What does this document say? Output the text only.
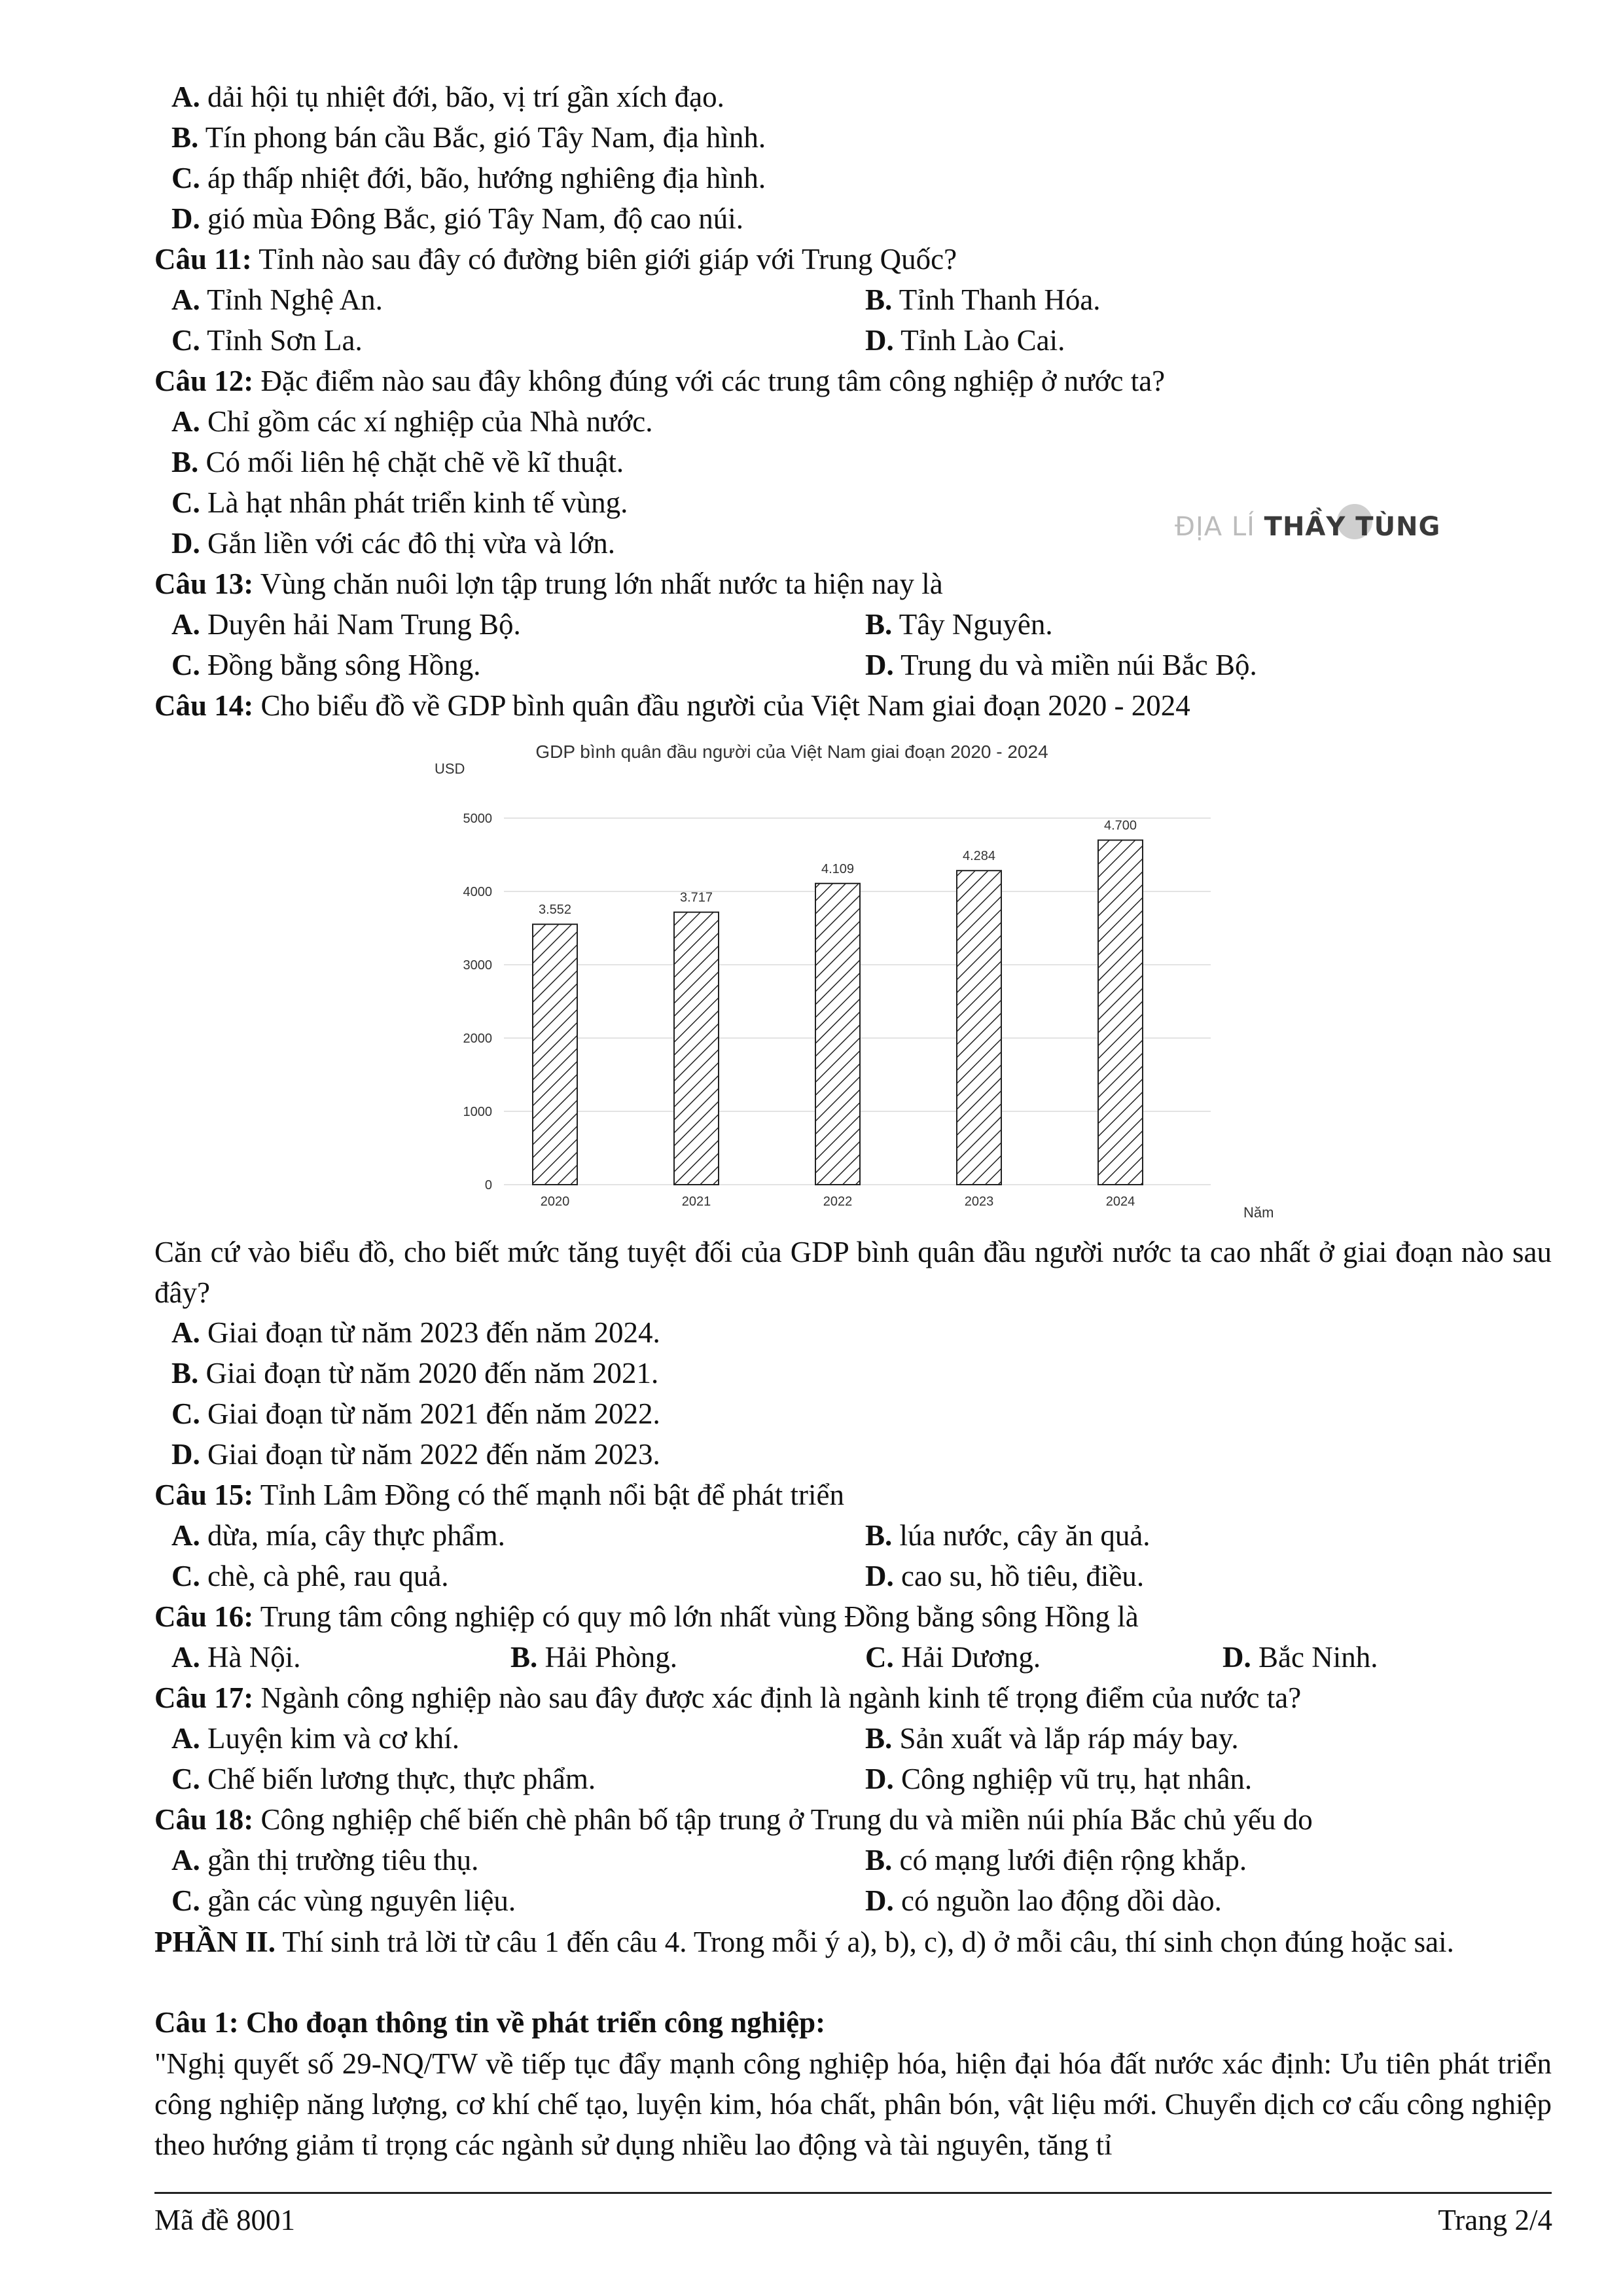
A. dải hội tụ nhiệt đới, bão, vị trí gần xích đạo.
B. Tín phong bán cầu Bắc, gió Tây Nam, địa hình.
C. áp thấp nhiệt đới, bão, hướng nghiêng địa hình.
D. gió mùa Đông Bắc, gió Tây Nam, độ cao núi.
Câu 11: Tỉnh nào sau đây có đường biên giới giáp với Trung Quốc?
A. Tỉnh Nghệ An.	B. Tỉnh Thanh Hóa.
C. Tỉnh Sơn La.	D. Tỉnh Lào Cai.
Câu 12: Đặc điểm nào sau đây không đúng với các trung tâm công nghiệp ở nước ta?
A. Chỉ gồm các xí nghiệp của Nhà nước.
B. Có mối liên hệ chặt chẽ về kĩ thuật.
C. Là hạt nhân phát triển kinh tế vùng.
D. Gắn liền với các đô thị vừa và lớn.	ĐỊA LÍ THẦY TÙNG
Câu 13: Vùng chăn nuôi lợn tập trung lớn nhất nước ta hiện nay là
A. Duyên hải Nam Trung Bộ.	B. Tây Nguyên.
C. Đồng bằng sông Hồng.	D. Trung du và miền núi Bắc Bộ.
Câu 14: Cho biểu đồ về GDP bình quân đầu người của Việt Nam giai đoạn 2020 - 2024
GDP bình quân đầu người của Việt Nam giai đoạn 2020 - 2024
USD
Năm
0
1000
2000
3000
4000
5000
3.552
2020
3.717
2021
4.109
2022
4.284
2023
4.700
2024
Căn cứ vào biểu đồ, cho biết mức tăng tuyệt đối của GDP bình quân đầu người nước ta cao nhất ở giai đoạn nào sau đây?
A. Giai đoạn từ năm 2023 đến năm 2024.
B. Giai đoạn từ năm 2020 đến năm 2021.
C. Giai đoạn từ năm 2021 đến năm 2022.
D. Giai đoạn từ năm 2022 đến năm 2023.
Câu 15: Tỉnh Lâm Đồng có thế mạnh nổi bật để phát triển
A. dừa, mía, cây thực phẩm.	B. lúa nước, cây ăn quả.
C. chè, cà phê, rau quả.	D. cao su, hồ tiêu, điều.
Câu 16: Trung tâm công nghiệp có quy mô lớn nhất vùng Đồng bằng sông Hồng là
A. Hà Nội.	B. Hải Phòng.	C. Hải Dương.	D. Bắc Ninh.
Câu 17: Ngành công nghiệp nào sau đây được xác định là ngành kinh tế trọng điểm của nước ta?
A. Luyện kim và cơ khí.	B. Sản xuất và lắp ráp máy bay.
C. Chế biến lương thực, thực phẩm.	D. Công nghiệp vũ trụ, hạt nhân.
Câu 18: Công nghiệp chế biến chè phân bố tập trung ở Trung du và miền núi phía Bắc chủ yếu do
A. gần thị trường tiêu thụ.	B. có mạng lưới điện rộng khắp.
C. gần các vùng nguyên liệu.	D. có nguồn lao động dồi dào.
PHẦN II. Thí sinh trả lời từ câu 1 đến câu 4. Trong mỗi ý a), b), c), d) ở mỗi câu, thí sinh chọn đúng hoặc sai.
Câu 1: Cho đoạn thông tin về phát triển công nghiệp:
"Nghị quyết số 29-NQ/TW về tiếp tục đẩy mạnh công nghiệp hóa, hiện đại hóa đất nước xác định: Ưu tiên phát triển công nghiệp năng lượng, cơ khí chế tạo, luyện kim, hóa chất, phân bón, vật liệu mới. Chuyển dịch cơ cấu công nghiệp theo hướng giảm tỉ trọng các ngành sử dụng nhiều lao động và tài nguyên, tăng tỉ
Mã đề 8001	Trang 2/4
